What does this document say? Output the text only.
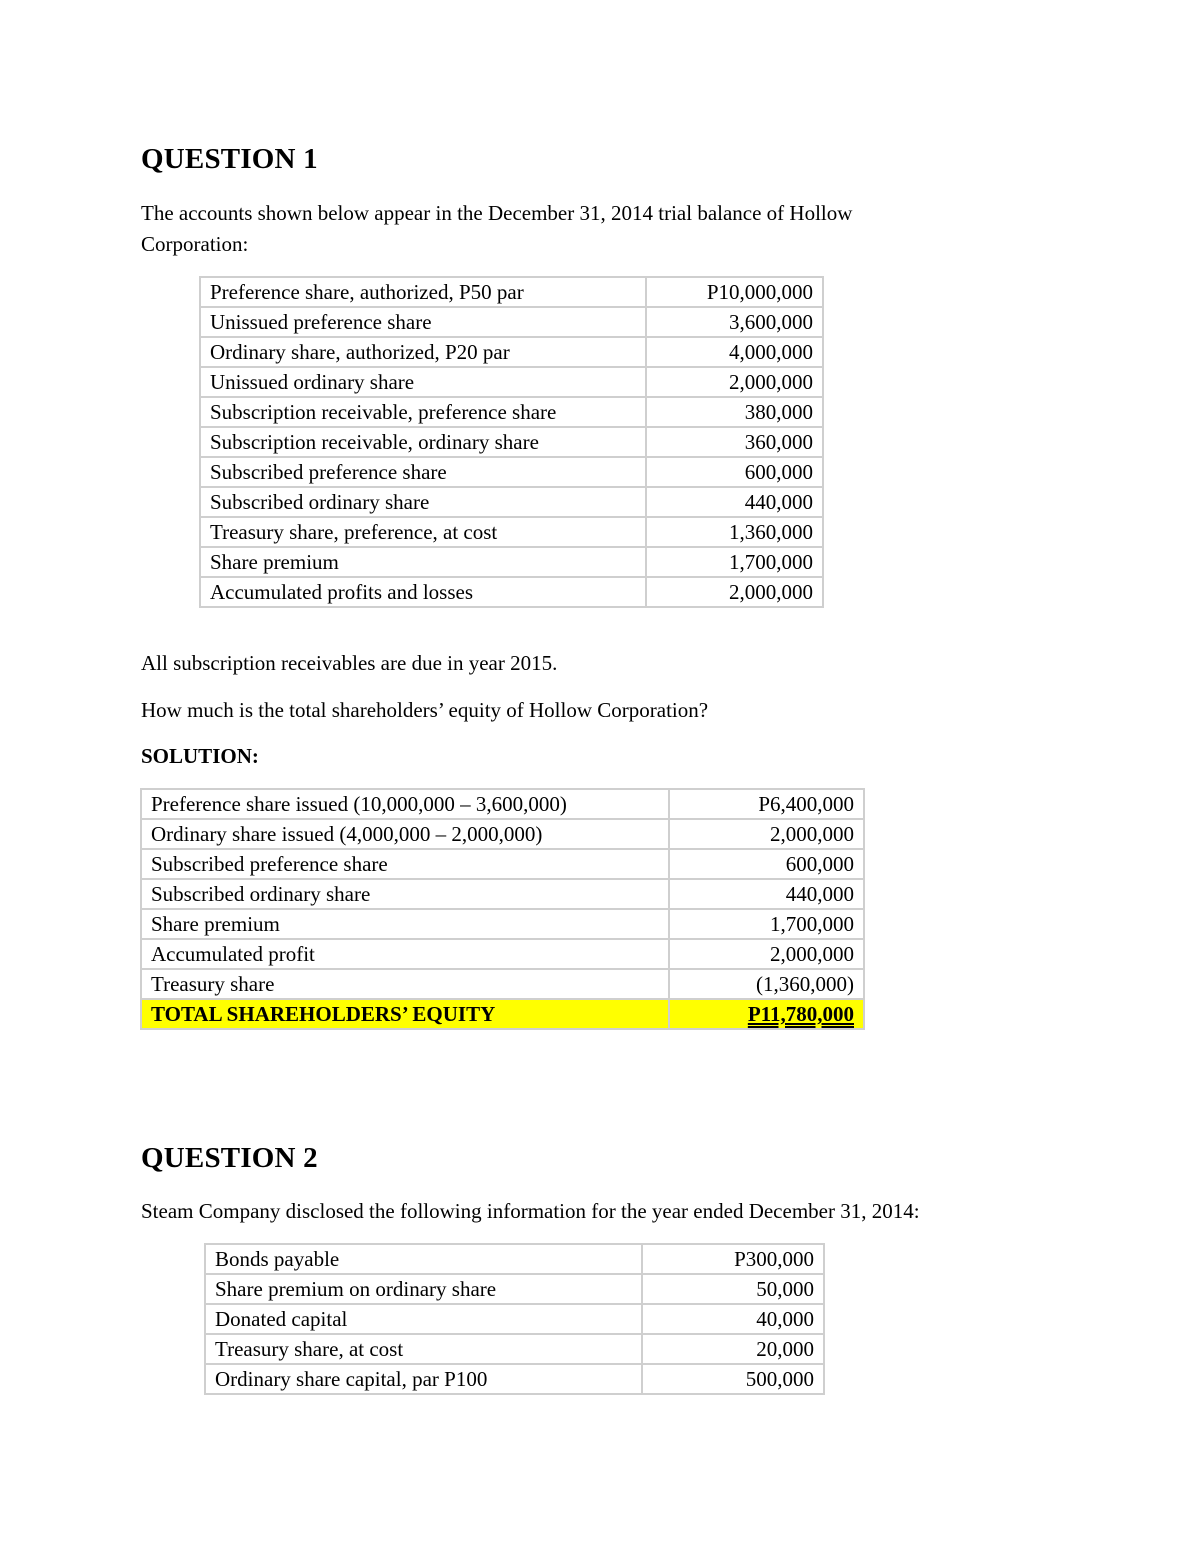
QUESTION 1
The accounts shown below appear in the December 31, 2014 trial balance of Hollow
Corporation:
Preference share, authorized, P50 par	P10,000,000
Unissued preference share	3,600,000
Ordinary share, authorized, P20 par	4,000,000
Unissued ordinary share	2,000,000
Subscription receivable, preference share	380,000
Subscription receivable, ordinary share	360,000
Subscribed preference share	600,000
Subscribed ordinary share	440,000
Treasury share, preference, at cost	1,360,000
Share premium	1,700,000
Accumulated profits and losses	2,000,000
All subscription receivables are due in year 2015.
How much is the total shareholders’ equity of Hollow Corporation?
SOLUTION:
Preference share issued (10,000,000 – 3,600,000)	P6,400,000
Ordinary share issued (4,000,000 – 2,000,000)	2,000,000
Subscribed preference share	600,000
Subscribed ordinary share	440,000
Share premium	1,700,000
Accumulated profit	2,000,000
Treasury share	(1,360,000)
TOTAL SHAREHOLDERS’ EQUITY	P11,780,000
QUESTION 2
Steam Company disclosed the following information for the year ended December 31, 2014:
Bonds payable	P300,000
Share premium on ordinary share	50,000
Donated capital	40,000
Treasury share, at cost	20,000
Ordinary share capital, par P100	500,000
